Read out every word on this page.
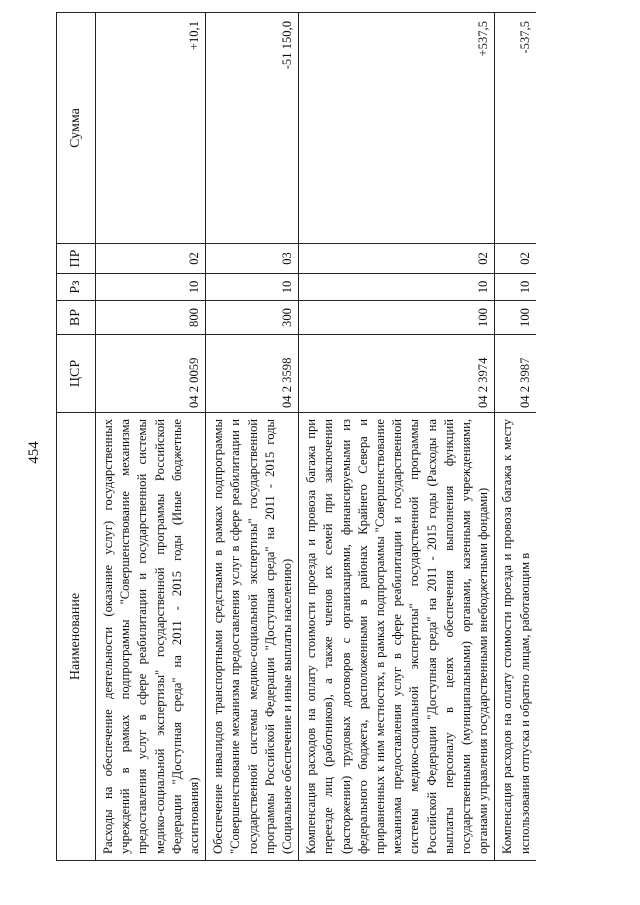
454
Наименование	ЦСР	ВР	Рз	ПР	Сумма
Расходы на обеспечение деятельности (оказание услуг) государственных учреждений в рамках подпрограммы "Совершенствование механизма предоставления услуг в сфере реабилитации и государственной системы медико-социальной экспертизы" государственной программы Российской Федерации "Доступная среда" на 2011 - 2015 годы (Иные бюджетные ассигнования)	04 2 0059	800	10	02	+10,1
Обеспечение инвалидов транспортными средствами в рамках подпрограммы "Совершенствование механизма предоставления услуг в сфере реабилитации и государственной системы медико-социальной экспертизы" государственной программы Российской Федерации "Доступная среда" на 2011 - 2015 годы (Социальное обеспечение и иные выплаты населению)	04 2 3598	300	10	03	-51 150,0
Компенсация расходов на оплату стоимости проезда и провоза багажа при переезде лиц (работников), а также членов их семей при заключении (расторжении) трудовых договоров с организациями, финансируемыми из федерального бюджета, расположенными в районах Крайнего Севера и приравненных к ним местностях, в рамках подпрограммы "Совершенствование механизма предоставления услуг в сфере реабилитации и государственной системы медико-социальной экспертизы" государственной программы Российской Федерации "Доступная среда" на 2011 - 2015 годы (Расходы на выплаты персоналу в целях обеспечения выполнения функций государственными (муниципальными) органами, казенными учреждениями, органами управления государственными внебюджетными фондами)	04 2 3974	100	10	02	+537,5
Компенсация расходов на оплату стоимости проезда и провоза багажа к месту использования отпуска и обратно лицам, работающим в	04 2 3987	100	10	02	-537,5
